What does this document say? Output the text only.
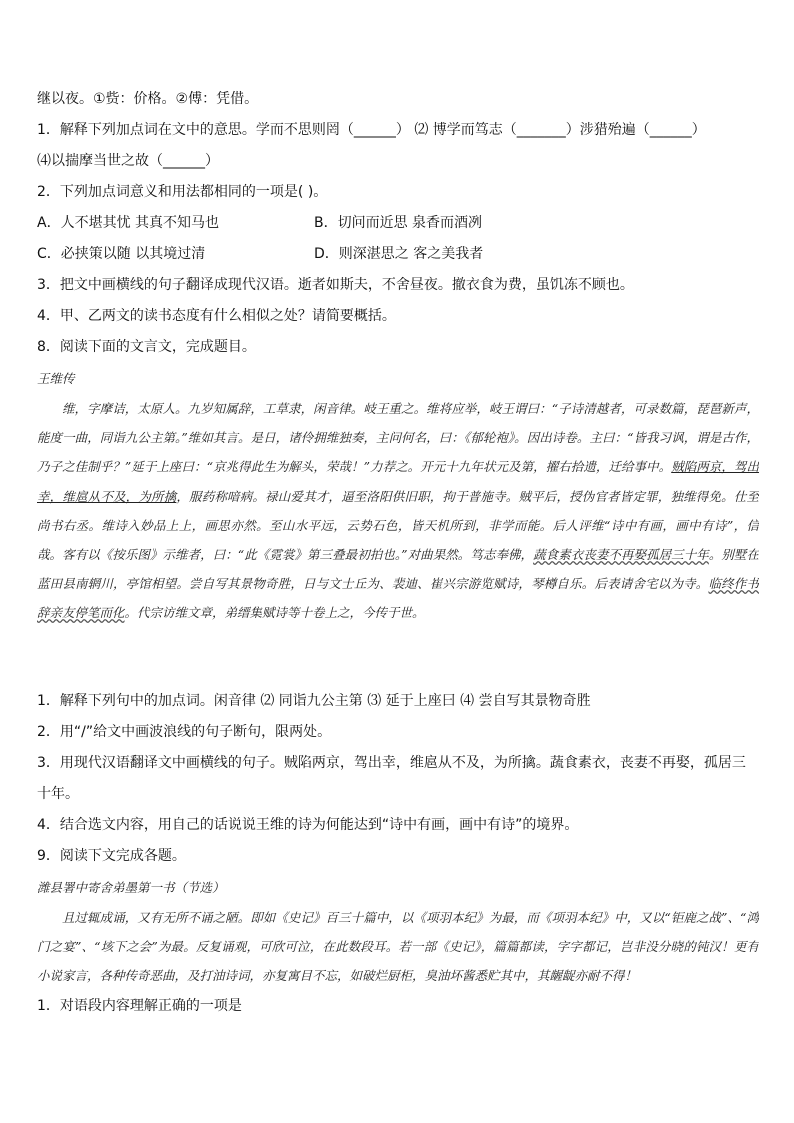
继以夜。①赀：价格。②傅：凭借。

1．解释下列加点词在文中的意思。学而不思则罔（______） ⑵ 博学而笃志（_______）涉猎殆遍（______）

⑷以揣摩当世之故（______）

2．下列加点词意义和用法都相同的一项是( )。

A．人不堪其忧 其真不知马也	B．切问而近思 泉香而酒冽
C．必挟策以随 以其境过清	D．则深湛思之 客之美我者

3．把文中画横线的句子翻译成现代汉语。逝者如斯夫，不舍昼夜。撤衣食为费，虽饥冻不顾也。

4．甲、乙两文的读书态度有什么相似之处？请简要概括。

8．阅读下面的文言文，完成题目。

王维传

维，字摩诘，太原人。九岁知属辞，工草隶，闲音律。岐王重之。维将应举，岐王谓曰：“子诗清越者，可录数篇，琵琶新声，能度一曲，同诣九公主第。”维如其言。是日，诸伶拥维独奏，主问何名，曰：《郁轮袍》。因出诗卷。主曰：“皆我习讽，谓是古作，乃子之佳制乎？”延于上座曰：“京兆得此生为解头，荣哉！”力荐之。开元十九年状元及第，擢右拾遗，迁给事中。贼陷两京，驾出幸，维扈从不及，为所擒，服药称喑病。禄山爱其才，逼至洛阳供旧职，拘于普施寺。贼平后，授伪官者皆定罪，独维得免。仕至尚书右丞。维诗入妙品上上，画思亦然。至山水平远，云势石色，皆天机所到，非学而能。后人评维“诗中有画，画中有诗”，信哉。客有以《按乐图》示维者，曰：“此《霓裳》第三叠最初拍也。”对曲果然。笃志奉佛，蔬食素衣丧妻不再娶孤居三十年。别墅在蓝田县南辋川，亭馆相望。尝自写其景物奇胜，日与文士丘为、裴迪、崔兴宗游览赋诗，琴樽自乐。后表请舍宅以为寺。临终作书辞亲友停笔而化。代宗访维文章，弟缙集赋诗等十卷上之，今传于世。

1．解释下列句中的加点词。闲音律 ⑵ 同诣九公主第 ⑶ 延于上座曰 ⑷ 尝自写其景物奇胜

2．用“/”给文中画波浪线的句子断句，限两处。

3．用现代汉语翻译文中画横线的句子。贼陷两京，驾出幸，维扈从不及，为所擒。蔬食素衣，丧妻不再娶，孤居三十年。

4．结合选文内容，用自己的话说说王维的诗为何能达到“诗中有画，画中有诗”的境界。

9．阅读下文完成各题。

潍县署中寄舍弟墨第一书（节选）

且过辄成诵，又有无所不诵之陋。即如《史记》百三十篇中，以《项羽本纪》为最，而《项羽本纪》中，又以“钜鹿之战”、“鸿门之宴”、“垓下之会”为最。反复诵观，可欣可泣，在此数段耳。若一部《史记》，篇篇都读，字字都记，岂非没分晓的钝汉！更有小说家言，各种传奇恶曲，及打油诗词，亦复寓目不忘，如破烂厨柜，臭油坏酱悉贮其中，其龌龊亦耐不得！

1．对语段内容理解正确的一项是
